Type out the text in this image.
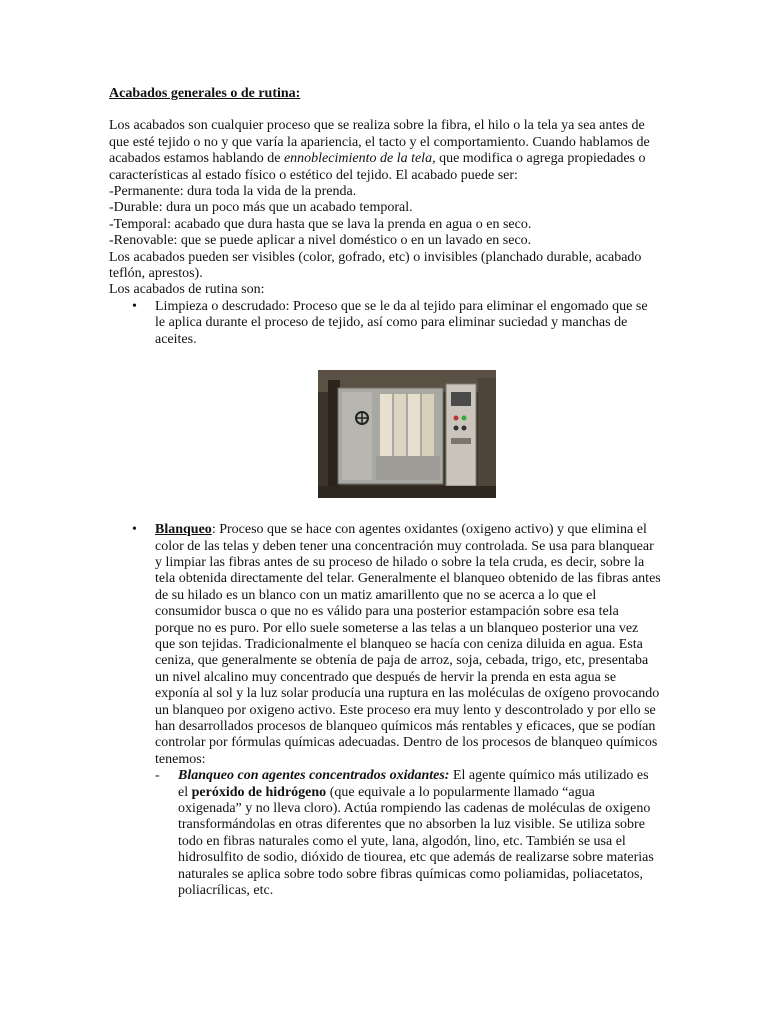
Acabados generales o de rutina:

Los acabados son cualquier proceso que se realiza sobre la fibra, el hilo o la tela ya sea antes de que esté tejido o no y que varía la apariencia, el tacto y el comportamiento. Cuando hablamos de acabados estamos hablando de ennoblecimiento de la tela, que modifica o agrega propiedades o características al estado físico o estético del tejido. El acabado puede ser:

-Permanente: dura toda la vida de la prenda.

-Durable: dura un poco más que un acabado temporal.

-Temporal: acabado que dura hasta que se lava la prenda en agua o en seco.

-Renovable: que se puede aplicar a nivel doméstico o en un lavado en seco.

Los acabados pueden ser visibles (color, gofrado, etc) o invisibles (planchado durable, acabado teflón, aprestos).

Los acabados de rutina son:

• Limpieza o descrudado: Proceso que se le da al tejido para eliminar el engomado que se le aplica durante el proceso de tejido, así como para eliminar suciedad y manchas de aceites.
• Blanqueo: Proceso que se hace con agentes oxidantes (oxigeno activo) y que elimina el color de las telas y deben tener una concentración muy controlada. Se usa para blanquear y limpiar las fibras antes de su proceso de hilado o sobre la tela cruda, es decir, sobre la tela obtenida directamente del telar. Generalmente el blanqueo obtenido de las fibras antes de su hilado es un blanco con un matiz amarillento que no se acerca a lo que el consumidor busca o que no es válido para una posterior estampación sobre esa tela porque no es puro. Por ello suele someterse a las telas a un blanqueo posterior una vez que son tejidas. Tradicionalmente el blanqueo se hacía con ceniza diluida en agua. Esta ceniza, que generalmente se obtenía de paja de arroz, soja, cebada, trigo, etc, presentaba un nivel alcalino muy concentrado que después de hervir la prenda en esta agua se exponía al sol y la luz solar producía una ruptura en las moléculas de oxígeno provocando un blanqueo por oxigeno activo. Este proceso era muy lento y descontrolado y por ello se han desarrollados procesos de blanqueo químicos más rentables y eficaces, que se podían controlar por fórmulas químicas adecuadas. Dentro de los procesos de blanqueo químicos tenemos:

- Blanqueo con agentes concentrados oxidantes: El agente químico más utilizado es el peróxido de hidrógeno (que equivale a lo popularmente llamado “agua oxigenada” y no lleva cloro). Actúa rompiendo las cadenas de moléculas de oxigeno transformándolas en otras diferentes que no absorben la luz visible. Se utiliza sobre todo en fibras naturales como el yute, lana, algodón, lino, etc. También se usa el hidrosulfito de sodio, dióxido de tiourea, etc que además de realizarse sobre materias naturales se aplica sobre todo sobre fibras químicas como poliamidas, poliacetatos, poliacrílicas, etc.
